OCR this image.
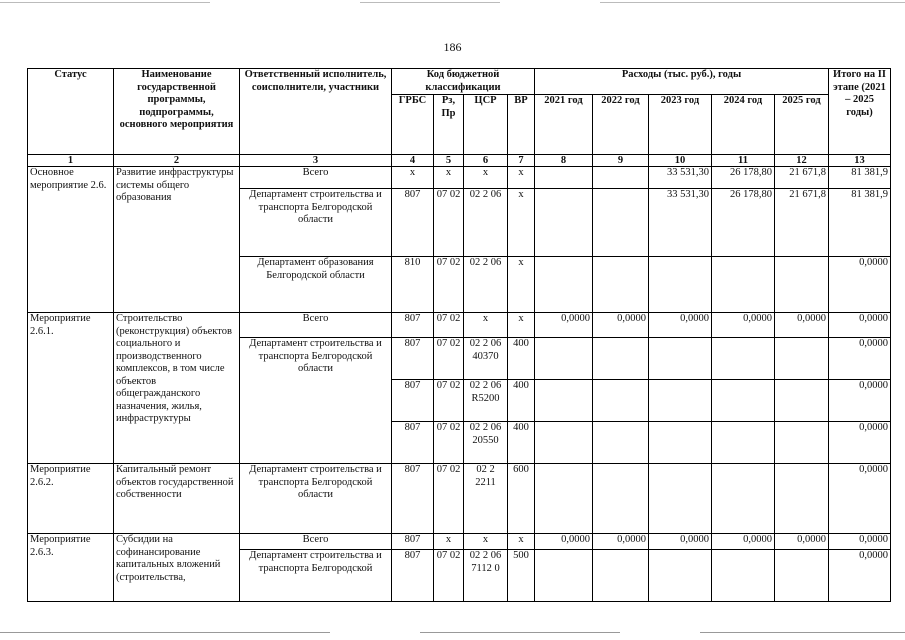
186
Статус	Наименование государственной программы, подпрограммы, основного мероприятия	Ответственный исполнитель, соисполнители, участники	Код бюджетной классификации				Расходы (тыс. руб.), годы					Итого на II этапе (2021 – 2025 годы)
			ГРБС	Рз, Пр	ЦСР	ВР	2021 год	2022 год	2023 год	2024 год	2025 год	
1	2	3	4	5	6	7	8	9	10	11	12	13
Основное мероприятие 2.6.	Развитие инфраструктуры системы общего образования	Всего	х	х	х	х			33 531,30	26 178,80	21 671,8	81 381,9
		Департамент строительства и транспорта Белгородской области	807	07 02	02 2 06	х			33 531,30	26 178,80	21 671,8	81 381,9
		Департамент образования Белгородской области	810	07 02	02 2 06	х						0,0000
Мероприятие 2.6.1.	Строительство (реконструкция) объектов социального и производственного комплексов, в том числе объектов общегражданского назначения, жилья, инфраструктуры	Всего	807	07 02	х	х	0,0000	0,0000	0,0000	0,0000	0,0000	0,0000
		Департамент строительства и транспорта Белгородской области	807	07 02	02 2 06 40370	400						0,0000
			807	07 02	02 2 06 R5200	400						0,0000
			807	07 02	02 2 06 20550	400						0,0000
Мероприятие 2.6.2.	Капитальный ремонт объектов государственной собственности	Департамент строительства и транспорта Белгородской области	807	07 02	02 2 2211	600						0,0000
Мероприятие 2.6.3.	Субсидии на софинансирование капитальных вложений (строительства,	Всего	807	х	х	х	0,0000	0,0000	0,0000	0,0000	0,0000	0,0000
		Департамент строительства и транспорта Белгородской	807	07 02	02 2 06 7112 0	500						0,0000
